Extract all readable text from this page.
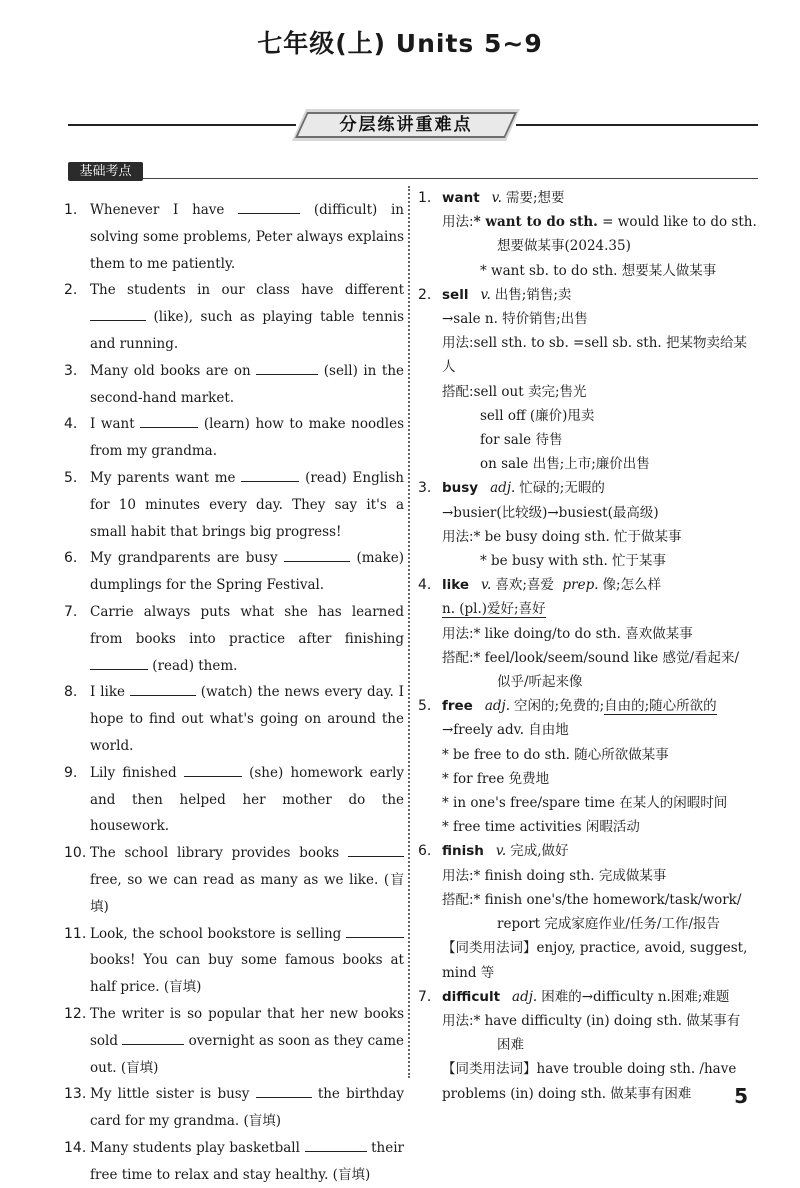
七年级(上) Units 5~9
分层练讲重难点
基础考点
1. Whenever I have	(difficult) in solving some problems, Peter always explains them to me patiently.
2. The students in our class have different  (like), such as playing table tennis and running.
3. Many old books are on	(sell) in the second-hand market.
4. I want	(learn) how to make noodles from my grandma.
5. My parents want me	(read) English for 10 minutes every day. They say it's a small habit that brings big progress!
6. My grandparents are busy	(make) dumplings for the Spring Festival.
7. Carrie always puts what she has learned from books into practice after finishing  (read) them.
8. I like	(watch) the news every day. I hope to find out what's going on around the world.
9. Lily finished	(she) homework early and then helped her mother do the housework.
10. The school library provides books  free, so we can read as many as we like. (盲填)
11. Look, the school bookstore is selling  books! You can buy some famous books at half price. (盲填)
12. The writer is so popular that her new books sold	overnight as soon as they came out. (盲填)
13. My little sister is busy	the birthday card for my grandma. (盲填)
14. Many students play basketball	their free time to relax and stay healthy. (盲填)
1. want v. 需要;想要
用法:* want to do sth. = would like to do sth.
想要做某事(2024.35)
* want sb. to do sth. 想要某人做某事
2. sell v. 出售;销售;卖
→sale n. 特价销售;出售
用法:sell sth. to sb. =sell sb. sth. 把某物卖给某人
搭配:sell out 卖完;售光
sell off (廉价)甩卖
for sale 待售
on sale 出售;上市;廉价出售
3. busy adj. 忙碌的;无暇的
→busier(比较级)→busiest(最高级)
用法:* be busy doing sth. 忙于做某事
* be busy with sth. 忙于某事
4. like v. 喜欢;喜爱 prep. 像;怎么样
n. (pl.)爱好;喜好
用法:* like doing/to do sth. 喜欢做某事
搭配:* feel/look/seem/sound like 感觉/看起来/
似乎/听起来像
5. free adj. 空闲的;免费的;自由的;随心所欲的
→freely adv. 自由地
* be free to do sth. 随心所欲做某事
* for free 免费地
* in one's free/spare time 在某人的闲暇时间
* free time activities 闲暇活动
6. finish v. 完成,做好
用法:* finish doing sth. 完成做某事
搭配:* finish one's/the homework/task/work/
report 完成家庭作业/任务/工作/报告
【同类用法词】enjoy, practice, avoid, suggest, mind 等
7. difficult adj. 困难的→difficulty n.困难;难题
用法:* have difficulty (in) doing sth. 做某事有
困难
【同类用法词】have trouble doing sth. /have problems (in) doing sth. 做某事有困难	5
